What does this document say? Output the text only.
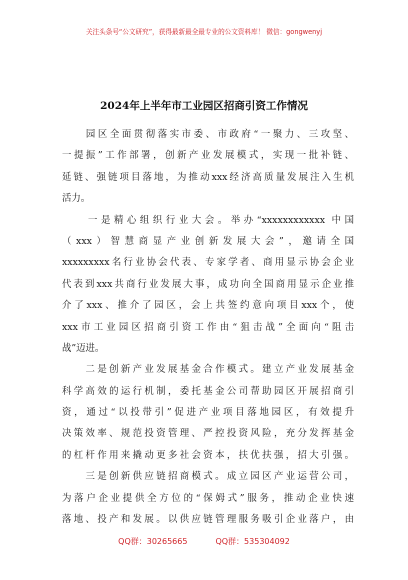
关注头条号“公文研究”，获得最新最全最专业的公文资料库！ 微信：gongwenyj
2024年上半年市工业园区招商引资工作情况
　　园区全面贯彻落实市委、市政府“一聚力、三攻坚、
一提振”工作部署，创新产业发展模式，实现一批补链、
延链、强链项目落地，为推动xxx经济高质量发展注入生机
活力。
　　一是精心组织行业大会。举办“xxxxxxxxxxxx 中国
（xxx）智慧商显产业创新发展大会”，邀请全国
xxxxxxxxx名行业协会代表、专家学者、商用显示协会企业
代表到xxx共商行业发展大事，成功向全国商用显示企业推
介了xxx、推介了园区，会上共签约意向项目xxx个，使
xxx市工业园区招商引资工作由“狙击战”全面向“阻击
战”迈进。
　　二是创新产业发展基金合作模式。建立产业发展基金
科学高效的运行机制，委托基金公司帮助园区开展招商引
资，通过“以投带引”促进产业项目落地园区，有效提升
决策效率、规范投资管理、严控投资风险，充分发挥基金
的杠杆作用来撬动更多社会资本，扶优扶强，招大引强。
　　三是创新供应链招商模式。成立园区产业运营公司，
为落户企业提供全方位的“保姆式”服务，推动企业快速
落地、投产和发展。以供应链管理服务吸引企业落户，由
QQ群：30265665	QQ群：535304092
